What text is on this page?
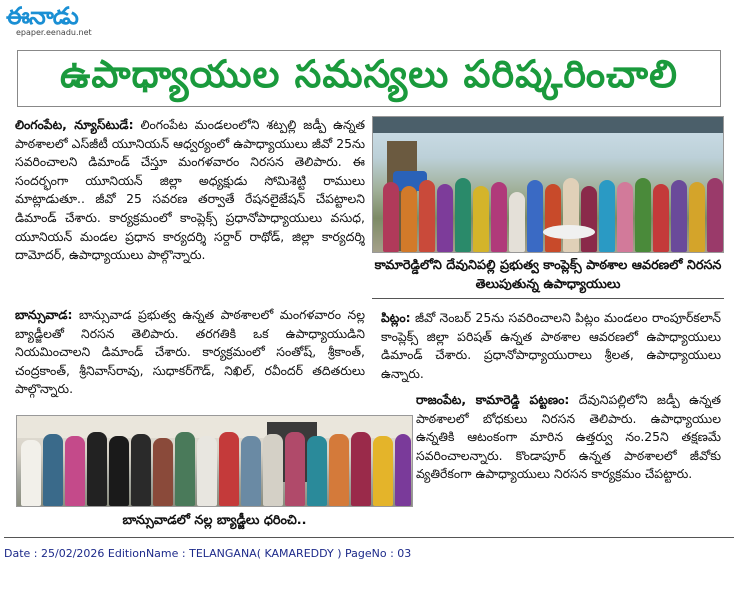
ఈనాడు
epaper.eenadu.net
ఉపాధ్యాయుల సమస్యలు పరిష్కరించాలి

లింగంపేట, న్యూస్‌టుడే: లింగంపేట మండలంలోని శట్పల్లి జడ్పీ ఉన్నత పాఠశాలలో ఎస్‌జీటీ యూనియన్ ఆధ్వర్యంలో ఉపాధ్యాయులు జీవో 25ను సవరించాలని డిమాండ్ చేస్తూ మంగళవారం నిరసన తెలిపారు. ఈ సందర్భంగా యూనియన్ జిల్లా అధ్యక్షుడు సోమిశెట్టి రాములు మాట్లాడుతూ.. జీవో 25 సవరణ తర్వాతే రేషనలైజేషన్ చేపట్టాలని డిమాండ్ చేశారు. కార్యక్రమంలో కాంప్లెక్స్ ప్రధానోపాధ్యాయులు వసుధ, యూనియన్ మండల ప్రధాన కార్యదర్శి సర్దార్ రాథోడ్, జిల్లా కార్యదర్శి దామోదర్, ఉపాధ్యాయులు పాల్గొన్నారు.

బాన్సువాడ: బాన్సువాడ ప్రభుత్వ ఉన్నత పాఠశాలలో మంగళవారం నల్ల బ్యాడ్జీలతో నిరసన తెలిపారు. తరగతికి ఒక ఉపాధ్యాయుడిని నియమించాలని డిమాండ్ చేశారు. కార్యక్రమంలో సంతోష్, శ్రీకాంత్, చంద్రకాంత్, శ్రీనివాస్‌రావు, సుధాకర్‌గౌడ్, నిఖిల్, రవీందర్ తదితరులు పాల్గొన్నారు.

కామారెడ్డిలోని దేవునిపల్లి ప్రభుత్వ కాంప్లెక్స్ పాఠశాల ఆవరణలో నిరసన తెలుపుతున్న ఉపాధ్యాయులు

పిట్లం: జీవో నెంబర్ 25ను సవరించాలని పిట్లం మండలం రాంపూర్‌కలాన్ కాంప్లెక్స్ జిల్లా పరిషత్ ఉన్నత పాఠశాల ఆవరణలో ఉపాధ్యాయులు డిమాండ్ చేశారు. ప్రధానోపాధ్యాయురాలు శ్రీలత, ఉపాధ్యాయులు ఉన్నారు.

రాజంపేట, కామారెడ్డి పట్టణం: దేవునిపల్లిలోని జడ్పీ ఉన్నత పాఠశాలలో బోధకులు నిరసన తెలిపారు. ఉపాధ్యాయుల ఉన్నతికి ఆటంకంగా మారిన ఉత్తర్వు నం.25ని తక్షణమే సవరించాలన్నారు. కొండాపూర్ ఉన్నత పాఠశాలలో జీవోకు వ్యతిరేకంగా ఉపాధ్యాయులు నిరసన కార్యక్రమం చేపట్టారు.

బాన్సువాడలో నల్ల బ్యాడ్జీలు ధరించి..
Date : 25/02/2026 EditionName : TELANGANA( KAMAREDDY ) PageNo : 03
